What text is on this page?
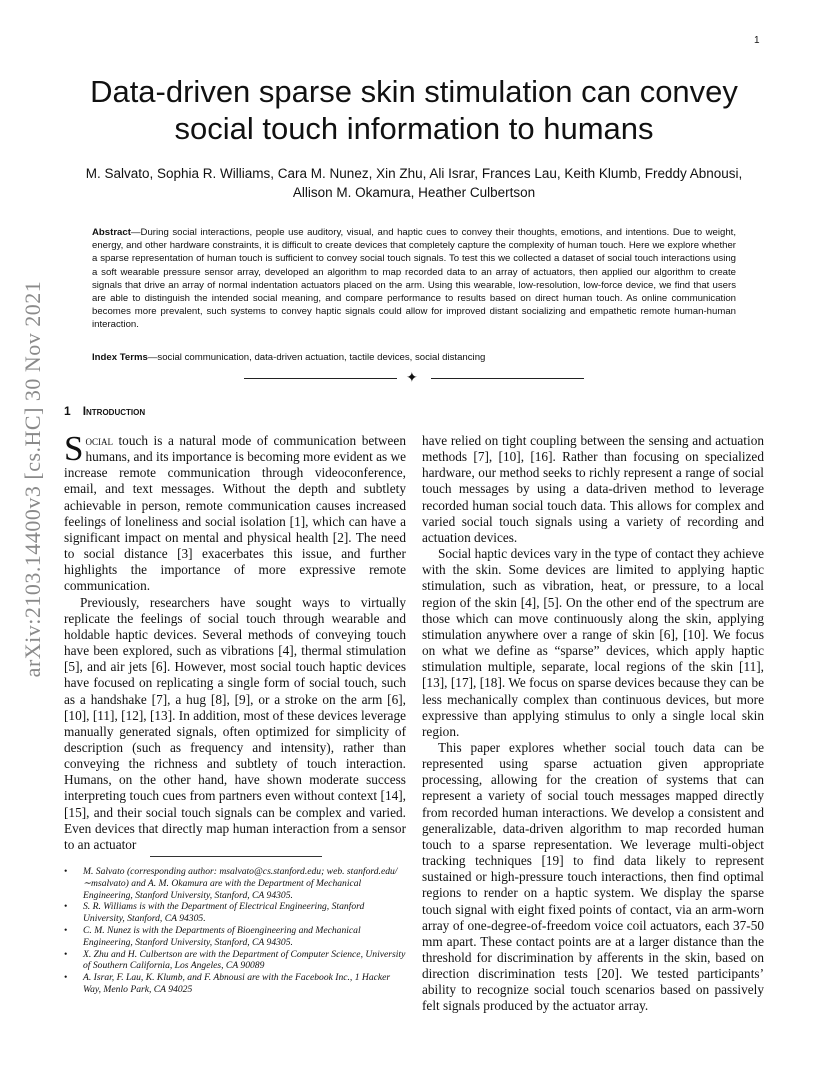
1
arXiv:2103.14400v3 [cs.HC] 30 Nov 2021
Data-driven sparse skin stimulation can convey social touch information to humans

M. Salvato, Sophia R. Williams, Cara M. Nunez, Xin Zhu, Ali Israr, Frances Lau, Keith Klumb, Freddy Abnousi, Allison M. Okamura, Heather Culbertson

Abstract—During social interactions, people use auditory, visual, and haptic cues to convey their thoughts, emotions, and intentions. Due to weight, energy, and other hardware constraints, it is difficult to create devices that completely capture the complexity of human touch. Here we explore whether a sparse representation of human touch is sufficient to convey social touch signals. To test this we collected a dataset of social touch interactions using a soft wearable pressure sensor array, developed an algorithm to map recorded data to an array of actuators, then applied our algorithm to create signals that drive an array of normal indentation actuators placed on the arm. Using this wearable, low-resolution, low-force device, we find that users are able to distinguish the intended social meaning, and compare performance to results based on direct human touch. As online communication becomes more prevalent, such systems to convey haptic signals could allow for improved distant socializing and empathetic remote human-human interaction.

Index Terms—social communication, data-driven actuation, tactile devices, social distancing

✦
1 Introduction

Social touch is a natural mode of communication between humans, and its importance is becoming more evident as we increase remote communication through videoconference, email, and text messages. Without the depth and subtlety achievable in person, remote communication causes increased feelings of loneliness and social isolation [1], which can have a significant impact on mental and physical health [2]. The need to social distance [3] exacerbates this issue, and further highlights the importance of more expressive remote communication.

Previously, researchers have sought ways to virtually replicate the feelings of social touch through wearable and holdable haptic devices. Several methods of conveying touch have been explored, such as vibrations [4], thermal stimulation [5], and air jets [6]. However, most social touch haptic devices have focused on replicating a single form of social touch, such as a handshake [7], a hug [8], [9], or a stroke on the arm [6], [10], [11], [12], [13]. In addition, most of these devices leverage manually generated signals, often optimized for simplicity of description (such as frequency and intensity), rather than conveying the richness and subtlety of touch interaction. Humans, on the other hand, have shown moderate success interpreting touch cues from partners even without context [14], [15], and their social touch signals can be complex and varied. Even devices that directly map human interaction from a sensor to an actuator

have relied on tight coupling between the sensing and actuation methods [7], [10], [16]. Rather than focusing on specialized hardware, our method seeks to richly represent a range of social touch messages by using a data-driven method to leverage recorded human social touch data. This allows for complex and varied social touch signals using a variety of recording and actuation devices.

Social haptic devices vary in the type of contact they achieve with the skin. Some devices are limited to applying haptic stimulation, such as vibration, heat, or pressure, to a local region of the skin [4], [5]. On the other end of the spectrum are those which can move continuously along the skin, applying stimulation anywhere over a range of skin [6], [10]. We focus on what we define as “sparse” devices, which apply haptic stimulation multiple, separate, local regions of the skin [11], [13], [17], [18]. We focus on sparse devices because they can be less mechanically complex than continuous devices, but more expressive than applying stimulus to only a single local skin region.

This paper explores whether social touch data can be represented using sparse actuation given appropriate processing, allowing for the creation of systems that can represent a variety of social touch messages mapped directly from recorded human interactions. We develop a consistent and generalizable, data-driven algorithm to map recorded human touch to a sparse representation. We leverage multi-object tracking techniques [19] to find data likely to represent sustained or high-pressure touch interactions, then find optimal regions to render on a haptic system. We display the sparse touch signal with eight fixed points of contact, via an arm-worn array of one-degree-of-freedom voice coil actuators, each 37-50 mm apart. These contact points are at a larger distance than the threshold for discrimination by afferents in the skin, based on direction discrimination tests [20]. We tested participants’ ability to recognize social touch scenarios based on passively felt signals produced by the actuator array.

• M. Salvato (corresponding author: msalvato@cs.stanford.edu; web. stanford.edu/∼msalvato) and A. M. Okamura are with the Department of Mechanical Engineering, Stanford University, Stanford, CA 94305.
• S. R. Williams is with the Department of Electrical Engineering, Stanford University, Stanford, CA 94305.
• C. M. Nunez is with the Departments of Bioengineering and Mechanical Engineering, Stanford University, Stanford, CA 94305.
• X. Zhu and H. Culbertson are with the Department of Computer Science, University of Southern California, Los Angeles, CA 90089
• A. Israr, F. Lau, K. Klumb, and F. Abnousi are with the Facebook Inc., 1 Hacker Way, Menlo Park, CA 94025
